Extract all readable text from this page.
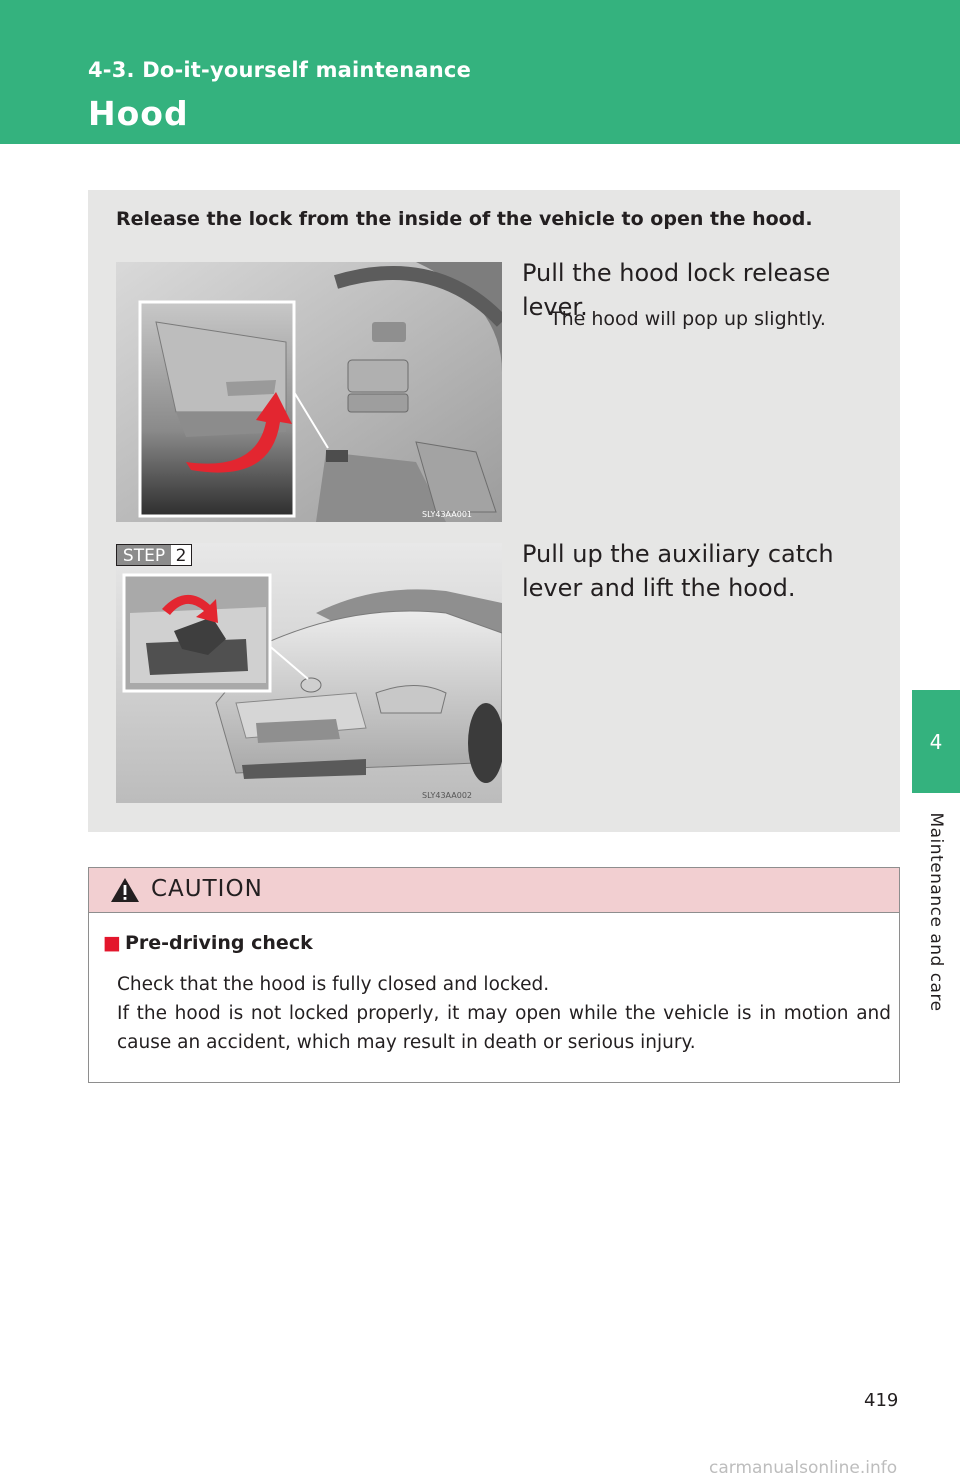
4-3. Do-it-yourself maintenance
Hood
4
Maintenance and care
Release the lock from the inside of the vehicle to open the hood.
SLY43AA001
Pull the hood lock release lever.
The hood will pop up slightly.
SLY43AA002
STEP 2	Pull up the auxiliary catch lever and lift the hood.
CAUTION
■ Pre-driving check

Check that the hood is fully closed and locked.

If the hood is not locked properly, it may open while the vehicle is in motion and cause an accident, which may result in death or serious injury.

419
carmanualsonline.info
